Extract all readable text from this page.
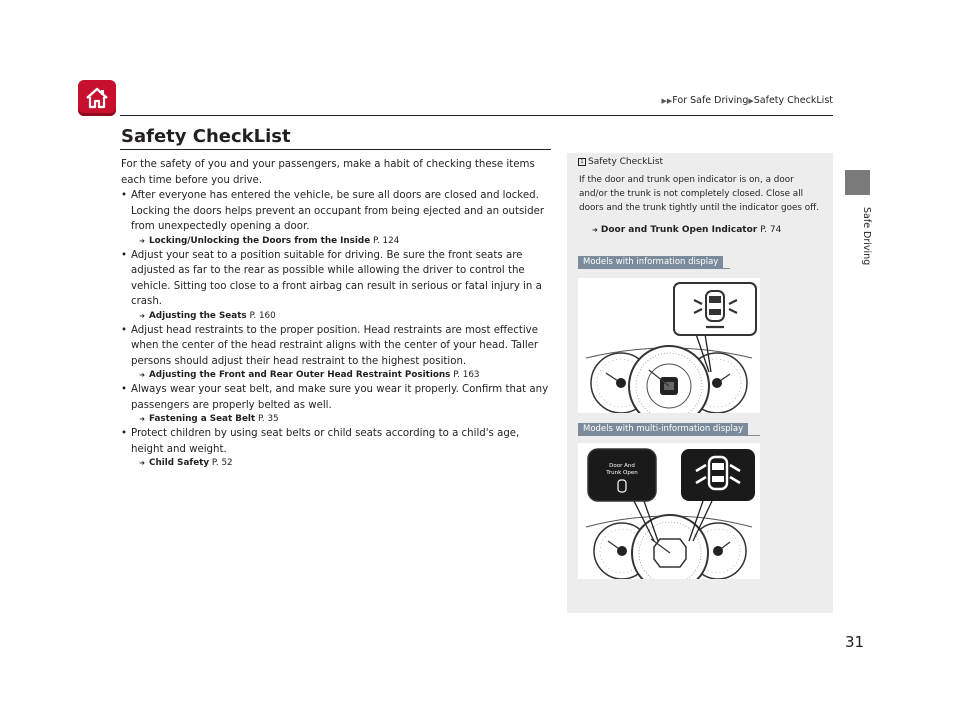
▶▶For Safe Driving▶Safety CheckList
Safe Driving
31
Safety CheckList

For the safety of you and your passengers, make a habit of checking these items each time before you drive.

• After everyone has entered the vehicle, be sure all doors are closed and locked. Locking the doors helps prevent an occupant from being ejected and an outsider from unexpectedly opening a door.

➜ Locking/Unlocking the Doors from the Inside P. 124

• Adjust your seat to a position suitable for driving. Be sure the front seats are adjusted as far to the rear as possible while allowing the driver to control the vehicle. Sitting too close to a front airbag can result in serious or fatal injury in a crash.

➜ Adjusting the Seats P. 160

• Adjust head restraints to the proper position. Head restraints are most effective when the center of the head restraint aligns with the center of your head. Taller persons should adjust their head restraint to the highest position.

➜ Adjusting the Front and Rear Outer Head Restraint Positions P. 163

• Always wear your seat belt, and make sure you wear it properly. Confirm that any passengers are properly belted as well.

➜ Fastening a Seat Belt P. 35

• Protect children by using seat belts or child seats according to a child's age, height and weight.

➜ Child Safety P. 52

1 Safety CheckList

If the door and trunk open indicator is on, a door and/or the trunk is not completely closed. Close all doors and the trunk tightly until the indicator goes off.

➜ Door and Trunk Open Indicator P. 74
Models with information display
Models with multi-information display
Door And
Trunk Open
